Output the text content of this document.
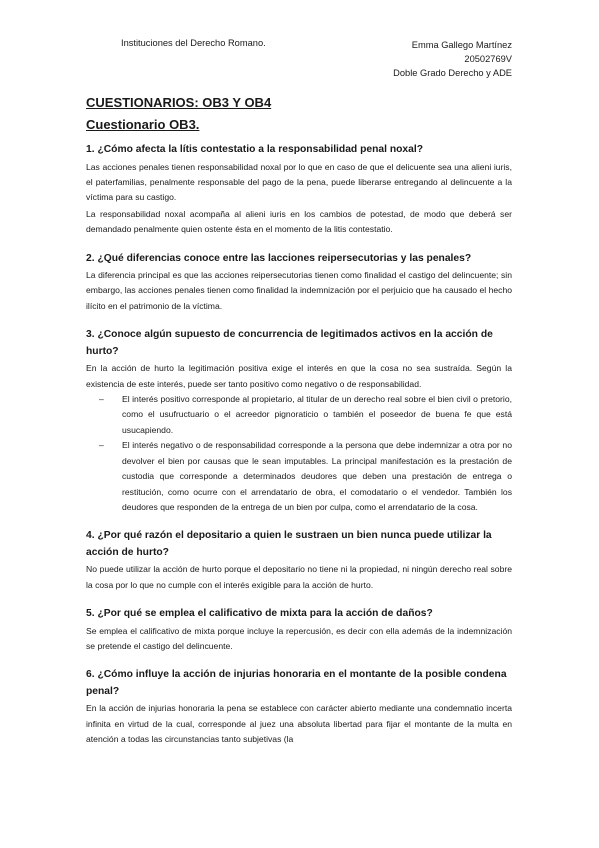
Instituciones del Derecho Romano.	Emma Gallego Martínez
20502769V
Doble Grado Derecho y ADE
CUESTIONARIOS: OB3 Y OB4
Cuestionario OB3.

1. ¿Cómo afecta la lítis contestatio a la responsabilidad penal noxal?

Las acciones penales tienen responsabilidad noxal por lo que en caso de que el delicuente sea una alieni iuris, el paterfamilias, penalmente responsable del pago de la pena, puede liberarse entregando al delincuente a la víctima para su castigo.

La responsabilidad noxal acompaña al alieni iuris en los cambios de potestad, de modo que deberá ser demandado penalmente quien ostente ésta en el momento de la litis contestatio.

2. ¿Qué diferencias conoce entre las lacciones reipersecutorias y las penales?

La diferencia principal es que las acciones reipersecutorias tienen como finalidad el castigo del delincuente; sin embargo, las acciones penales tienen como finalidad la indemnización por el perjuicio que ha causado el hecho ilícito en el patrimonio de la víctima.

3. ¿Conoce algún supuesto de concurrencia de legitimados activos en la acción de hurto?

En la acción de hurto la legitimación positiva exige el interés en que la cosa no sea sustraída. Según la existencia de este interés, puede ser tanto positivo como negativo o de responsabilidad.

– El interés positivo corresponde al propietario, al titular de un derecho real sobre el bien civil o pretorio, como el usufructuario o el acreedor pignoraticio o también el poseedor de buena fe que está usucapiendo.
– El interés negativo o de responsabilidad corresponde a la persona que debe indemnizar a otra por no devolver el bien por causas que le sean imputables. La principal manifestación es la prestación de custodia que corresponde a determinados deudores que deben una prestación de entrega o restitución, como ocurre con el arrendatario de obra, el comodatario o el vendedor. También los deudores que responden de la entrega de un bien por culpa, como el arrendatario de la cosa.

4. ¿Por qué razón el depositario a quien le sustraen un bien nunca puede utilizar la acción de hurto?

No puede utilizar la acción de hurto porque el depositario no tiene ni la propiedad, ni ningún derecho real sobre la cosa por lo que no cumple con el interés exigible para la acción de hurto.

5. ¿Por qué se emplea el calificativo de mixta para la acción de daños?

Se emplea el calificativo de mixta porque incluye la repercusión, es decir con ella además de la indemnización se pretende el castigo del delincuente.

6. ¿Cómo influye la acción de injurias honoraria en el montante de la posible condena penal?

En la acción de injurias honoraria la pena se establece con carácter abierto mediante una condemnatio incerta infinita en virtud de la cual, corresponde al juez una absoluta libertad para fijar el montante de la multa en atención a todas las circunstancias tanto subjetivas (la
